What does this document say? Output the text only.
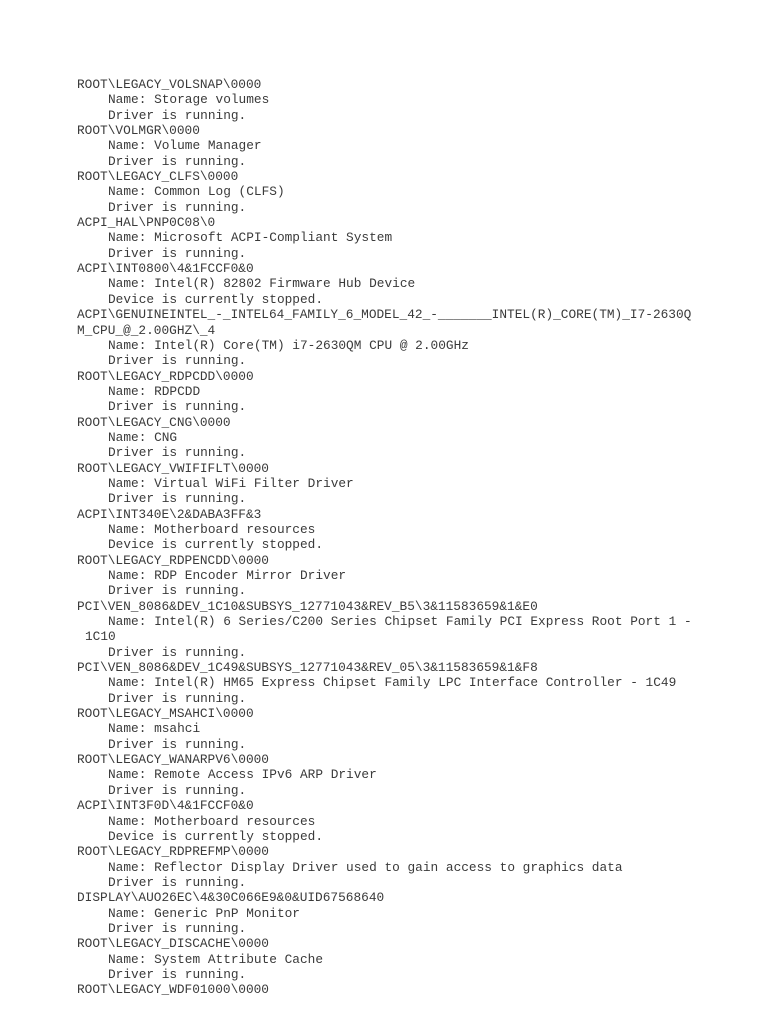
ROOT\LEGACY_VOLSNAP\0000
Name: Storage volumes
Driver is running.
ROOT\VOLMGR\0000
Name: Volume Manager
Driver is running.
ROOT\LEGACY_CLFS\0000
Name: Common Log (CLFS)
Driver is running.
ACPI_HAL\PNP0C08\0
Name: Microsoft ACPI-Compliant System
Driver is running.
ACPI\INT0800\4&1FCCF0&0
Name: Intel(R) 82802 Firmware Hub Device
Device is currently stopped.
ACPI\GENUINEINTEL_-_INTEL64_FAMILY_6_MODEL_42_-_______INTEL(R)_CORE(TM)_I7-2630Q
M_CPU_@_2.00GHZ\_4
Name: Intel(R) Core(TM) i7-2630QM CPU @ 2.00GHz
Driver is running.
ROOT\LEGACY_RDPCDD\0000
Name: RDPCDD
Driver is running.
ROOT\LEGACY_CNG\0000
Name: CNG
Driver is running.
ROOT\LEGACY_VWIFIFLT\0000
Name: Virtual WiFi Filter Driver
Driver is running.
ACPI\INT340E\2&DABA3FF&3
Name: Motherboard resources
Device is currently stopped.
ROOT\LEGACY_RDPENCDD\0000
Name: RDP Encoder Mirror Driver
Driver is running.
PCI\VEN_8086&DEV_1C10&SUBSYS_12771043&REV_B5\3&11583659&1&E0
Name: Intel(R) 6 Series/C200 Series Chipset Family PCI Express Root Port 1 -
1C10
Driver is running.
PCI\VEN_8086&DEV_1C49&SUBSYS_12771043&REV_05\3&11583659&1&F8
Name: Intel(R) HM65 Express Chipset Family LPC Interface Controller - 1C49
Driver is running.
ROOT\LEGACY_MSAHCI\0000
Name: msahci
Driver is running.
ROOT\LEGACY_WANARPV6\0000
Name: Remote Access IPv6 ARP Driver
Driver is running.
ACPI\INT3F0D\4&1FCCF0&0
Name: Motherboard resources
Device is currently stopped.
ROOT\LEGACY_RDPREFMP\0000
Name: Reflector Display Driver used to gain access to graphics data
Driver is running.
DISPLAY\AUO26EC\4&30C066E9&0&UID67568640
Name: Generic PnP Monitor
Driver is running.
ROOT\LEGACY_DISCACHE\0000
Name: System Attribute Cache
Driver is running.
ROOT\LEGACY_WDF01000\0000
